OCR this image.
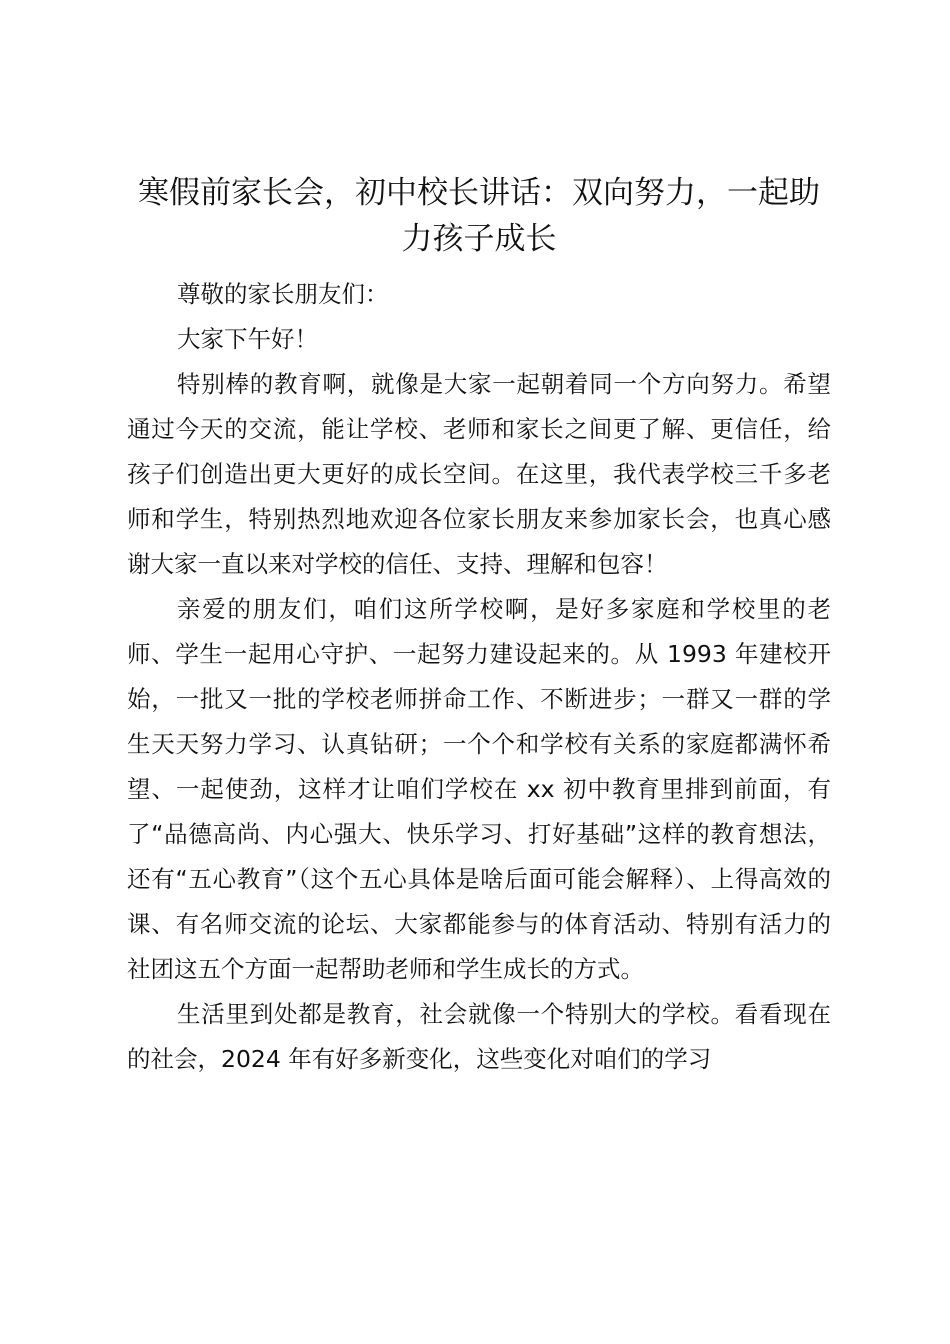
寒假前家长会，初中校长讲话：双向努力，一起助力孩子成长

尊敬的家长朋友们：

大家下午好！

特别棒的教育啊，就像是大家一起朝着同一个方向努力。希望通过今天的交流，能让学校、老师和家长之间更了解、更信任，给孩子们创造出更大更好的成长空间。在这里，我代表学校三千多老师和学生，特别热烈地欢迎各位家长朋友来参加家长会，也真心感谢大家一直以来对学校的信任、支持、理解和包容！

亲爱的朋友们，咱们这所学校啊，是好多家庭和学校里的老师、学生一起用心守护、一起努力建设起来的。从 1993 年建校开始，一批又一批的学校老师拼命工作、不断进步；一群又一群的学生天天努力学习、认真钻研；一个个和学校有关系的家庭都满怀希望、一起使劲，这样才让咱们学校在 xx 初中教育里排到前面，有了“品德高尚、内心强大、快乐学习、打好基础”这样的教育想法，还有“五心教育”（这个五心具体是啥后面可能会解释）、上得高效的课、有名师交流的论坛、大家都能参与的体育活动、特别有活力的社团这五个方面一起帮助老师和学生成长的方式。

生活里到处都是教育，社会就像一个特别大的学校。看看现在的社会，2024 年有好多新变化，这些变化对咱们的学习
